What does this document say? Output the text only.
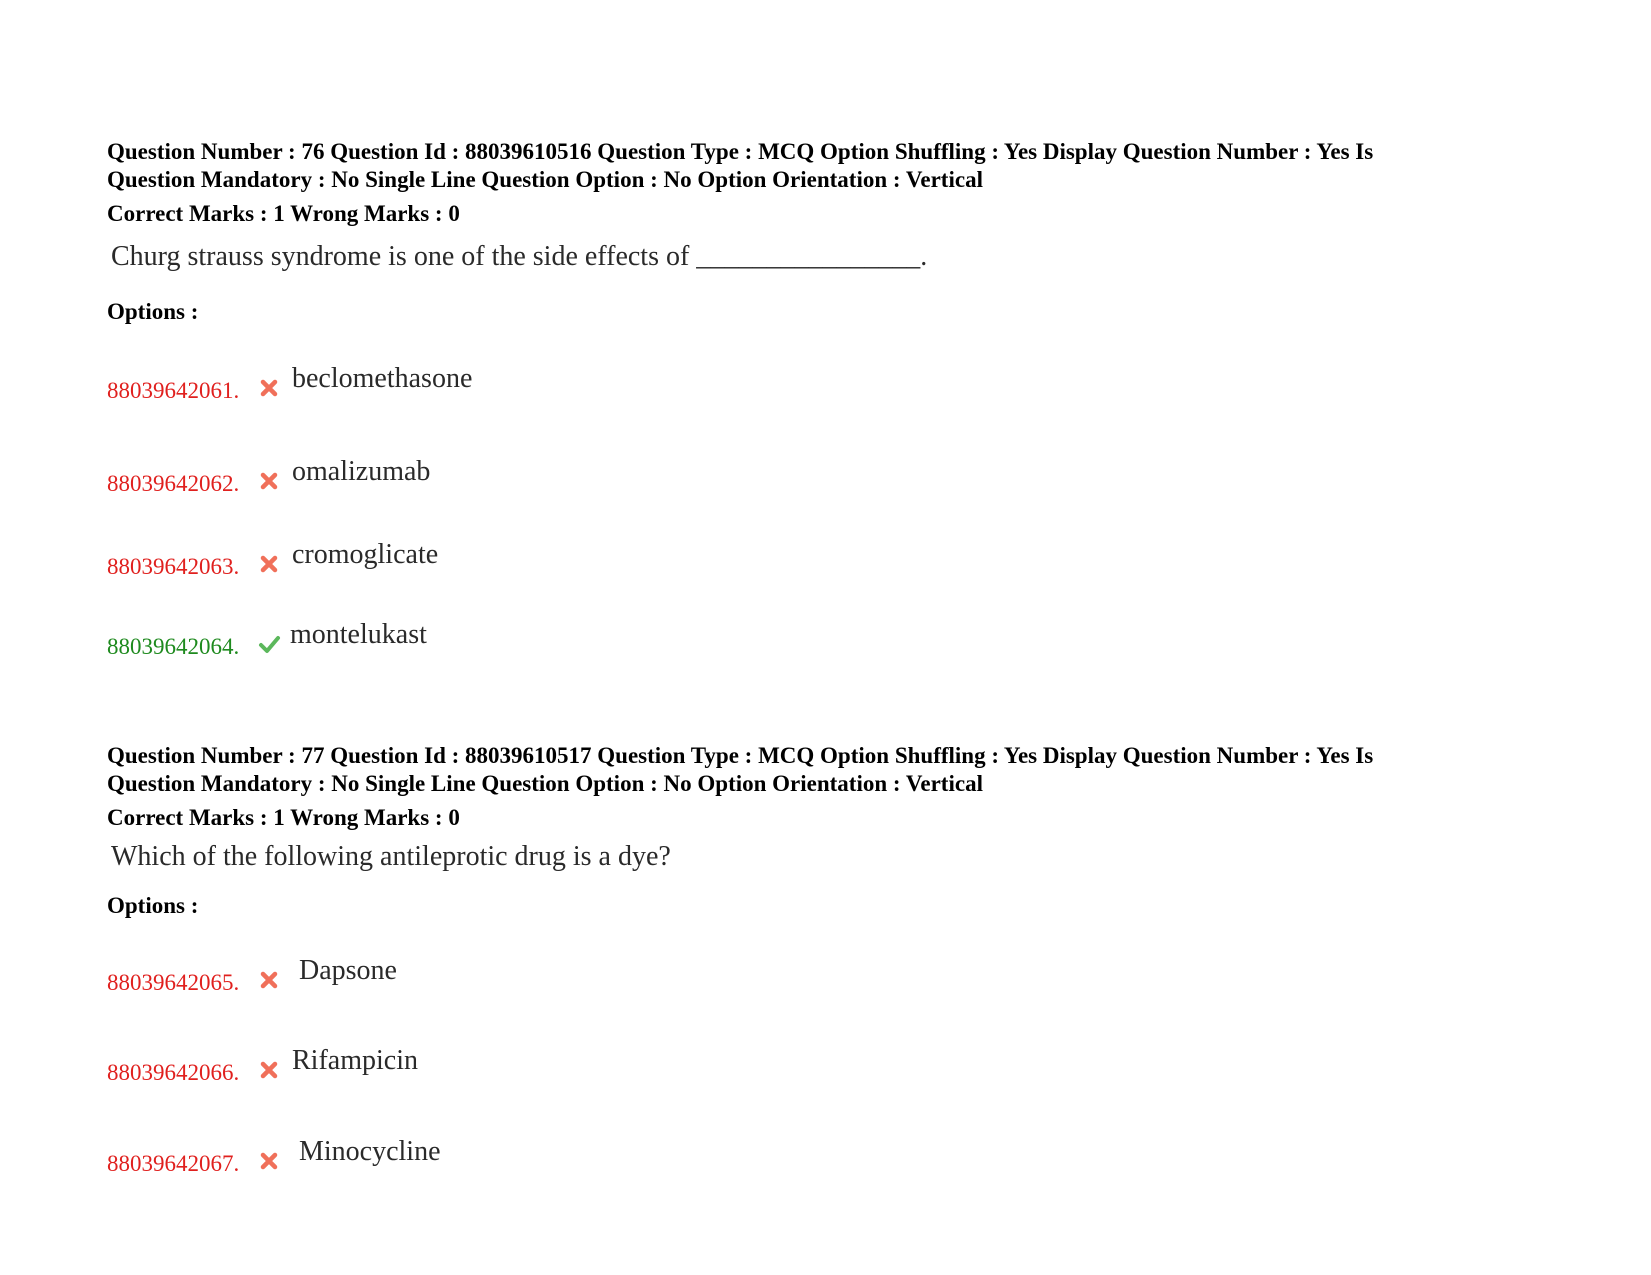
Question Number : 76 Question Id : 88039610516 Question Type : MCQ Option Shuffling : Yes Display Question Number : Yes Is
Question Mandatory : No Single Line Question Option : No Option Orientation : Vertical
Correct Marks : 1 Wrong Marks : 0
Churg strauss syndrome is one of the side effects of ________________.
Options :
88039642061. beclomethasone
88039642062. omalizumab
88039642063. cromoglicate
88039642064. montelukast
Question Number : 77 Question Id : 88039610517 Question Type : MCQ Option Shuffling : Yes Display Question Number : Yes Is
Question Mandatory : No Single Line Question Option : No Option Orientation : Vertical
Correct Marks : 1 Wrong Marks : 0
Which of the following antileprotic drug is a dye?
Options :
88039642065. Dapsone
88039642066. Rifampicin
88039642067. Minocycline
